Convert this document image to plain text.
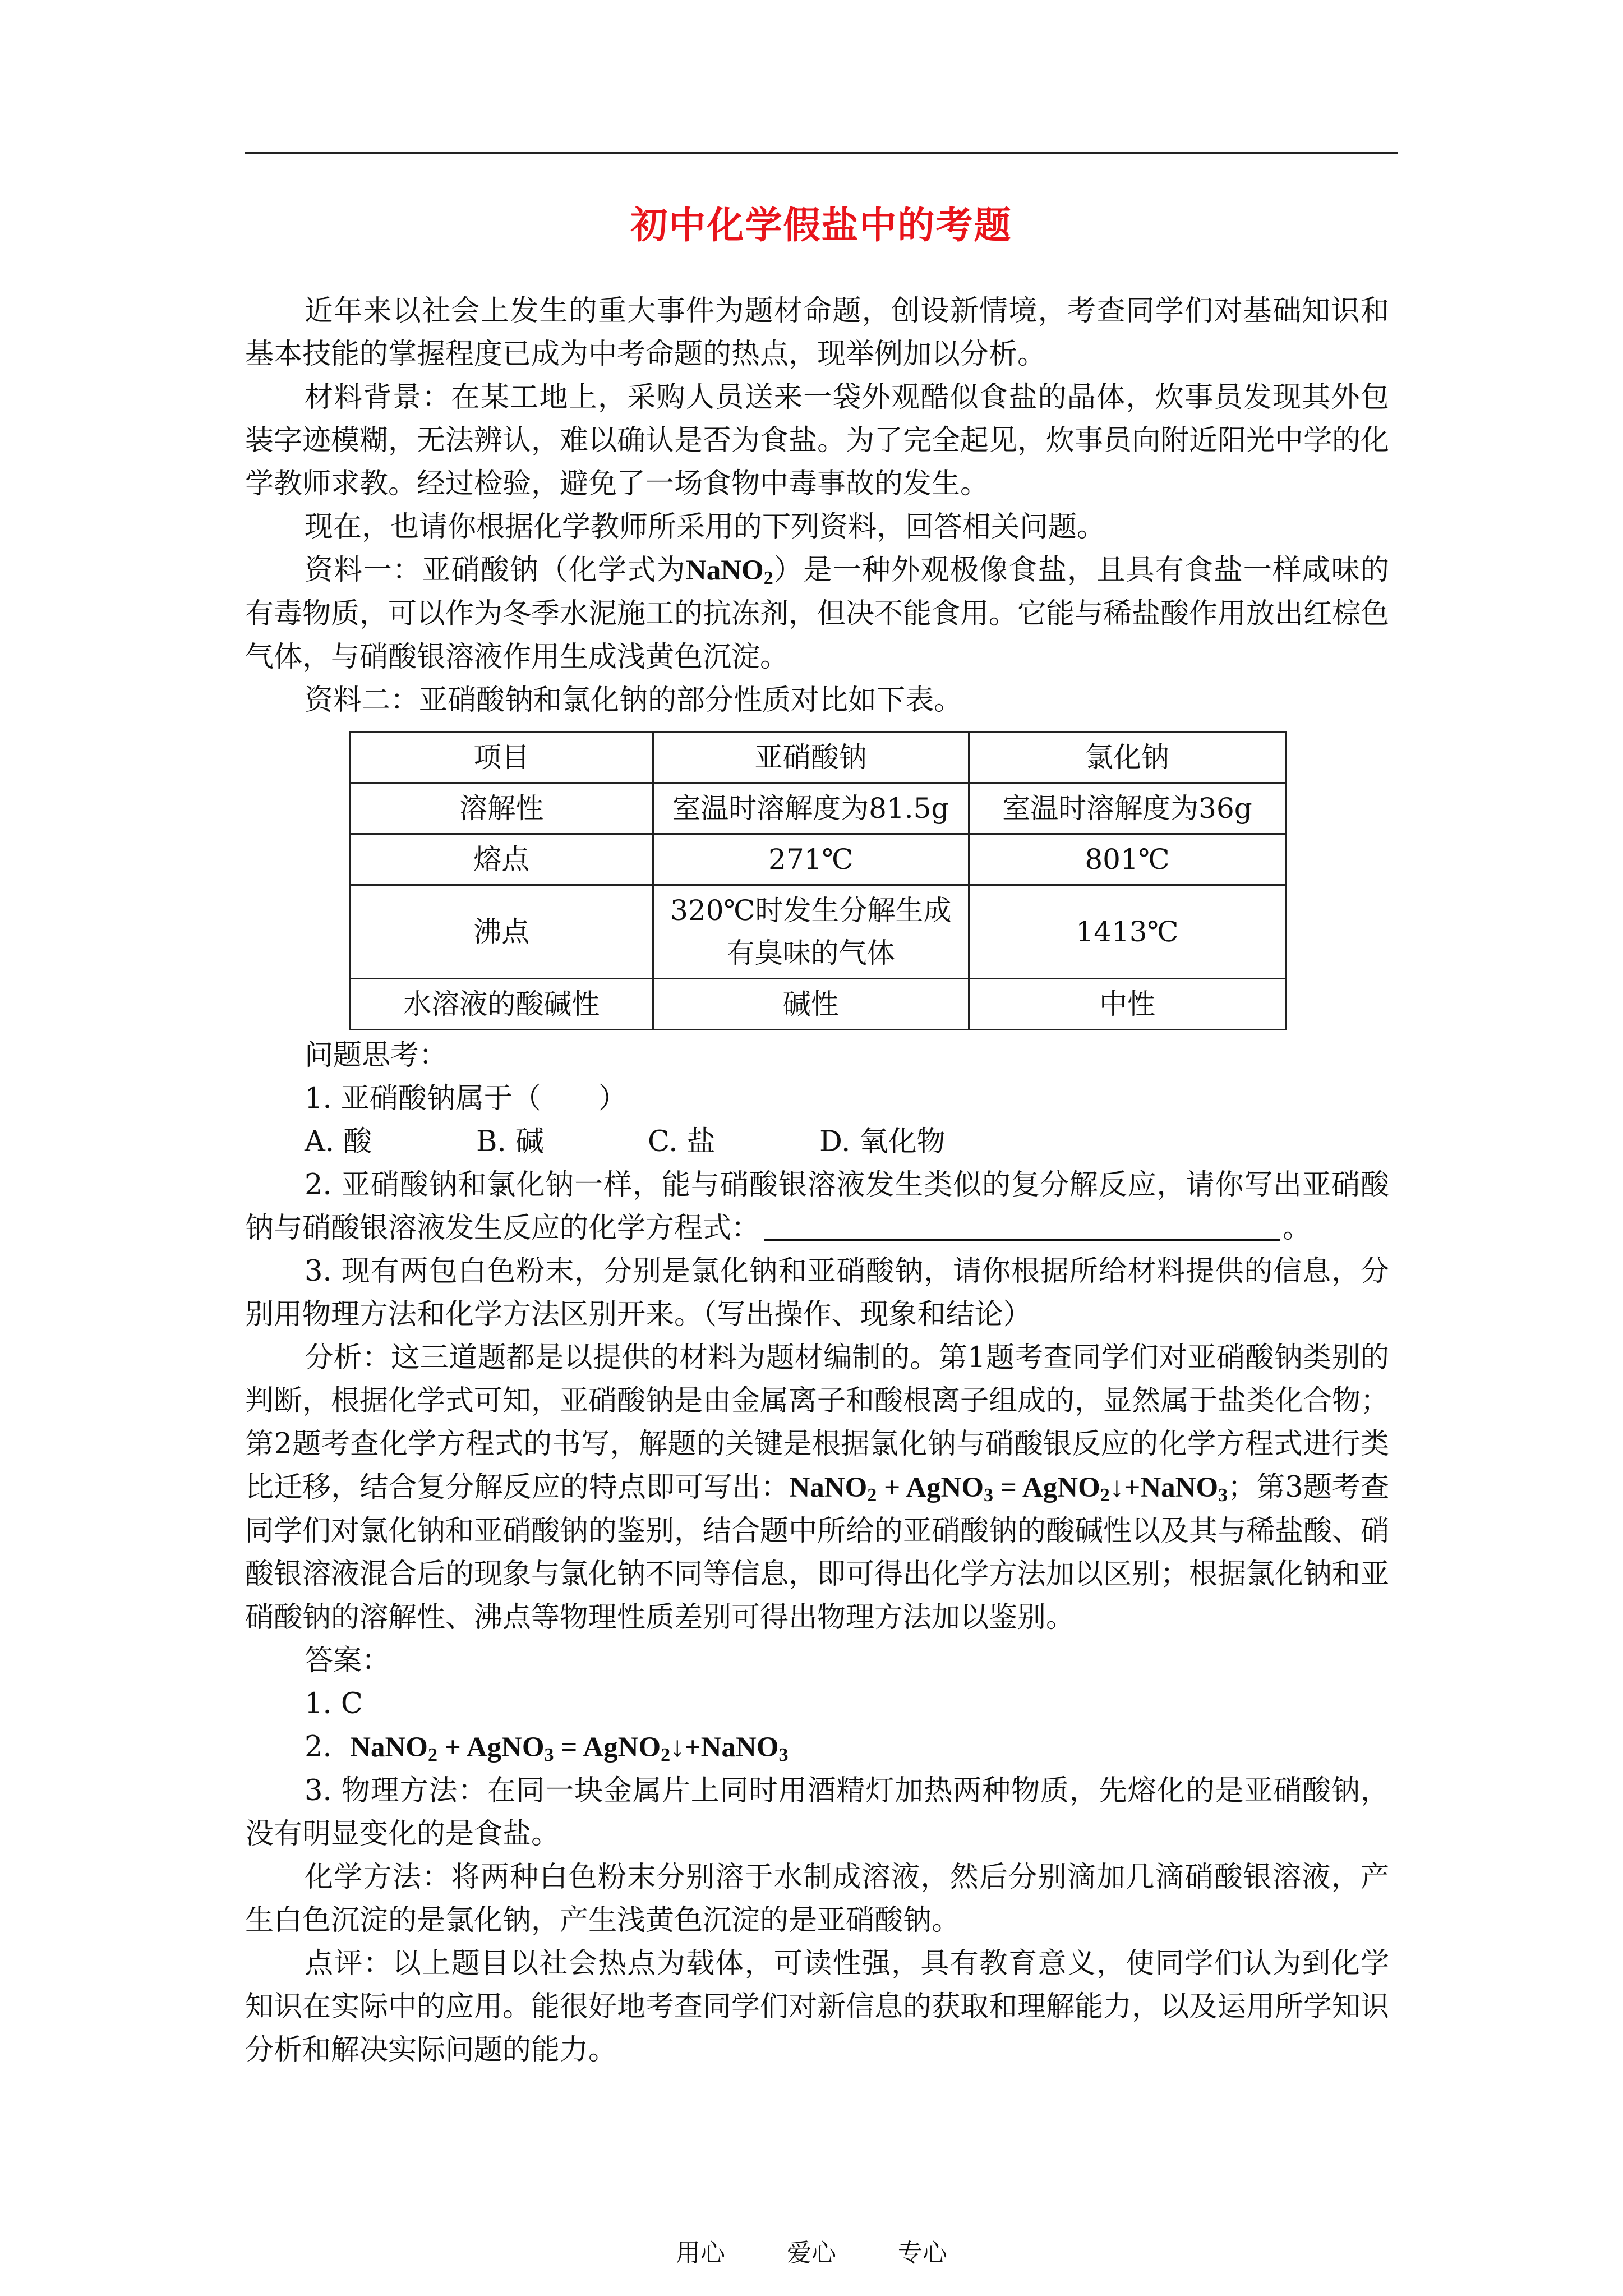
初中化学假盐中的考题

近年来以社会上发生的重大事件为题材命题，创设新情境，考查同学们对基础知识和基本技能的掌握程度已成为中考命题的热点，现举例加以分析。

材料背景：在某工地上，采购人员送来一袋外观酷似食盐的晶体，炊事员发现其外包装字迹模糊，无法辨认，难以确认是否为食盐。为了完全起见，炊事员向附近阳光中学的化学教师求教。经过检验，避免了一场食物中毒事故的发生。

现在，也请你根据化学教师所采用的下列资料，回答相关问题。

资料一：亚硝酸钠（化学式为NaNO$_2$）是一种外观极像食盐，且具有食盐一样咸味的有毒物质，可以作为冬季水泥施工的抗冻剂，但决不能食用。它能与稀盐酸作用放出红棕色气体，与硝酸银溶液作用生成浅黄色沉淀。

资料二：亚硝酸钠和氯化钠的部分性质对比如下表。

项目	亚硝酸钠	氯化钠
溶解性	室温时溶解度为81.5g	室温时溶解度为36g
熔点	271℃	801℃
沸点	320℃时发生分解生成有臭味的气体	1413℃
水溶液的酸碱性	碱性	中性

问题思考：

1. 亚硝酸钠属于（　　）

A. 酸	B. 碱	C. 盐	D. 氧化物

2. 亚硝酸钠和氯化钠一样，能与硝酸银溶液发生类似的复分解反应，请你写出亚硝酸钠与硝酸银溶液发生反应的化学方程式：	。

3. 现有两包白色粉末，分别是氯化钠和亚硝酸钠，请你根据所给材料提供的信息，分别用物理方法和化学方法区别开来。（写出操作、现象和结论）

分析：这三道题都是以提供的材料为题材编制的。第1题考查同学们对亚硝酸钠类别的判断，根据化学式可知，亚硝酸钠是由金属离子和酸根离子组成的，显然属于盐类化合物；第2题考查化学方程式的书写，解题的关键是根据氯化钠与硝酸银反应的化学方程式进行类比迁移，结合复分解反应的特点即可写出：NaNO$_2$ + AgNO$_3$ = AgNO$_2$↓+NaNO$_3$；第3题考查同学们对氯化钠和亚硝酸钠的鉴别，结合题中所给的亚硝酸钠的酸碱性以及其与稀盐酸、硝酸银溶液混合后的现象与氯化钠不同等信息，即可得出化学方法加以区别；根据氯化钠和亚硝酸钠的溶解性、沸点等物理性质差别可得出物理方法加以鉴别。

答案：

1. C

2. NaNO$_2$ + AgNO$_3$ = AgNO$_2$↓+NaNO$_3$

3. 物理方法：在同一块金属片上同时用酒精灯加热两种物质，先熔化的是亚硝酸钠，没有明显变化的是食盐。

化学方法：将两种白色粉末分别溶于水制成溶液，然后分别滴加几滴硝酸银溶液，产生白色沉淀的是氯化钠，产生浅黄色沉淀的是亚硝酸钠。

点评：以上题目以社会热点为载体，可读性强，具有教育意义，使同学们认为到化学知识在实际中的应用。能很好地考查同学们对新信息的获取和理解能力，以及运用所学知识分析和解决实际问题的能力。

用心	爱心	专心
